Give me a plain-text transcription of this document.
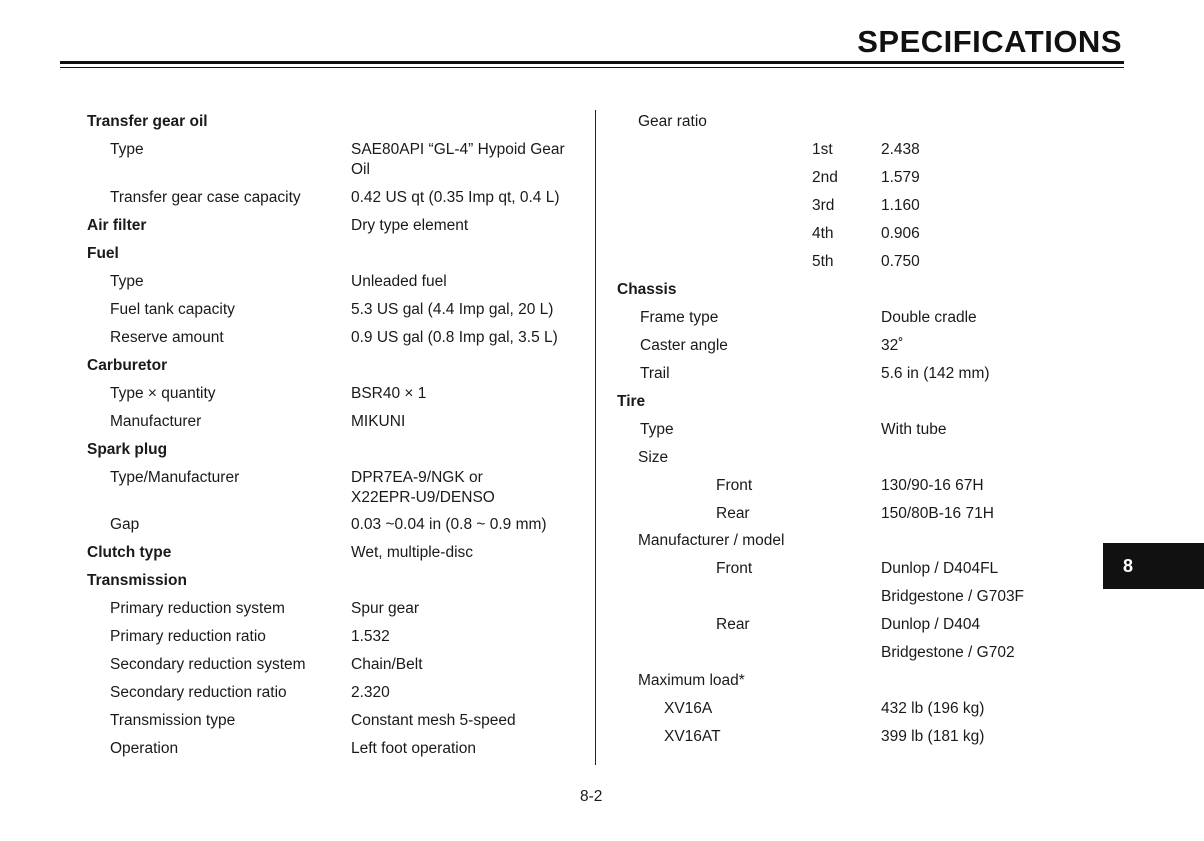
SPECIFICATIONS
Transfer gear oil
Type	SAE80API “GL-4” Hypoid Gear
Oil
Transfer gear case capacity	0.42 US qt (0.35 Imp qt, 0.4 L)
Air filter	Dry type element
Fuel
Type	Unleaded fuel
Fuel tank capacity	5.3 US gal (4.4 Imp gal, 20 L)
Reserve amount	0.9 US gal (0.8 Imp gal, 3.5 L)
Carburetor
Type × quantity	BSR40 × 1
Manufacturer	MIKUNI
Spark plug
Type/Manufacturer	DPR7EA-9/NGK or
X22EPR-U9/DENSO
Gap	0.03 ~0.04 in (0.8 ~ 0.9 mm)
Clutch type	Wet, multiple-disc
Transmission
Primary reduction system	Spur gear
Primary reduction ratio	1.532
Secondary reduction system	Chain/Belt
Secondary reduction ratio	2.320
Transmission type	Constant mesh 5-speed
Operation	Left foot operation
Gear ratio
1st	2.438
2nd	1.579
3rd	1.160
4th	0.906
5th	0.750
Chassis
Frame type	Double cradle
Caster angle	32˚
Trail	5.6 in (142 mm)
Tire
Type	With tube
Size
Front	130/90-16 67H
Rear	150/80B-16 71H
Manufacturer / model
Front	Dunlop / D404FL
Bridgestone / G703F
Rear	Dunlop / D404
Bridgestone / G702
Maximum load*
XV16A	432 lb (196 kg)
XV16AT	399 lb (181 kg)
8
8-2
